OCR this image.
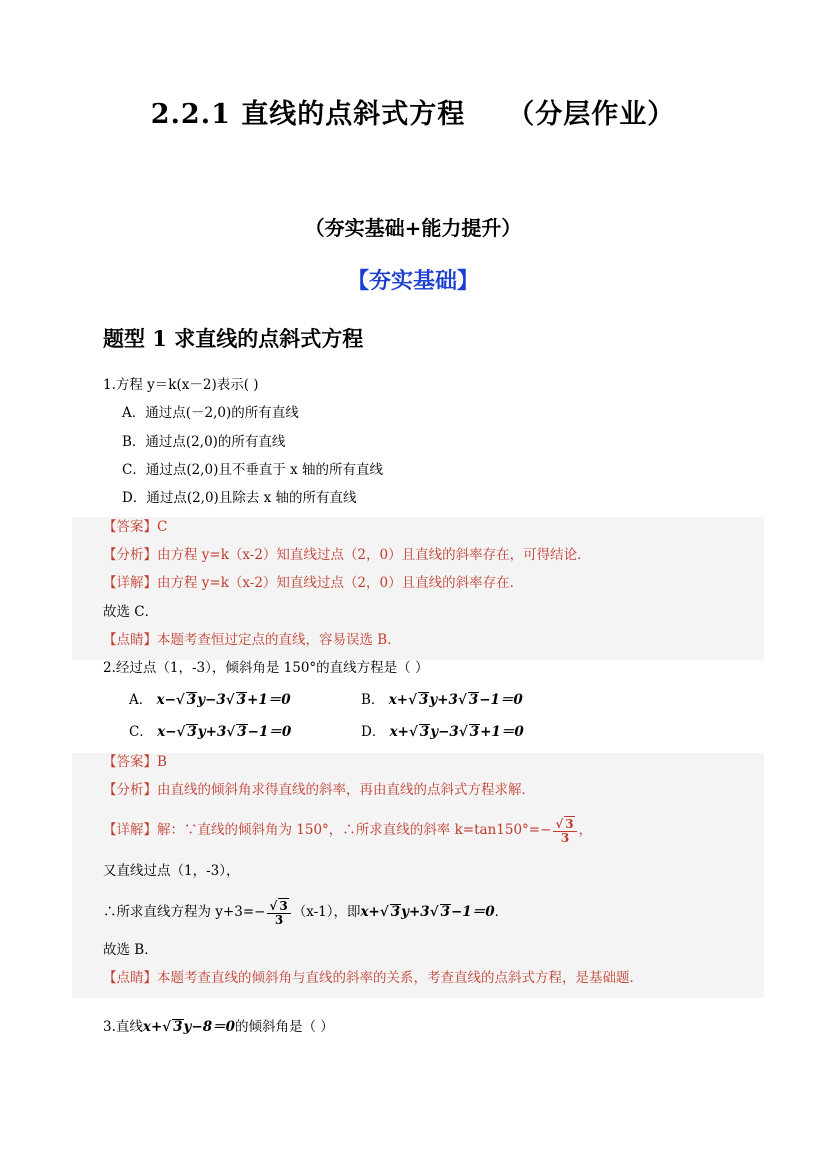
2.2.1 直线的点斜式方程 （分层作业）
（夯实基础+能力提升）
【夯实基础】
题型 1 求直线的点斜式方程
1.方程 y＝k(x－2)表示( )
A．通过点(－2,0)的所有直线
B．通过点(2,0)的所有直线
C．通过点(2,0)且不垂直于 x 轴的所有直线
D．通过点(2,0)且除去 x 轴的所有直线
【答案】C
【分析】由方程 y=k（x-2）知直线过点（2，0）且直线的斜率存在，可得结论．
【详解】由方程 y=k（x-2）知直线过点（2，0）且直线的斜率存在．
故选 C．
【点睛】本题考查恒过定点的直线，容易误选 B．
2.经过点（1，-3），倾斜角是 150°的直线方程是（ ）
A． x−√ 3y−3√ 3+1＝0	B． x+√ 3y+3√ 3−1＝0
C． x−√ 3y+3√ 3−1＝0	D． x+√ 3y−3√ 3+1＝0
【答案】B
【分析】由直线的倾斜角求得直线的斜率，再由直线的点斜式方程求解．
【详解】解：∵直线的倾斜角为 150°，∴所求直线的斜率 $k=\tan 150^\circ=- \frac{√ 3}{3}$ ，
又直线过点（1，-3），
∴所求直线方程为 $y+3=- \frac{√ 3}{3} (x-1)$，即x+√ 3y+3√ 3−1＝0．
故选 B．
【点睛】本题考查直线的倾斜角与直线的斜率的关系，考查直线的点斜式方程，是基础题．
3.直线x+√ 3y−8＝0的倾斜角是（ ）
